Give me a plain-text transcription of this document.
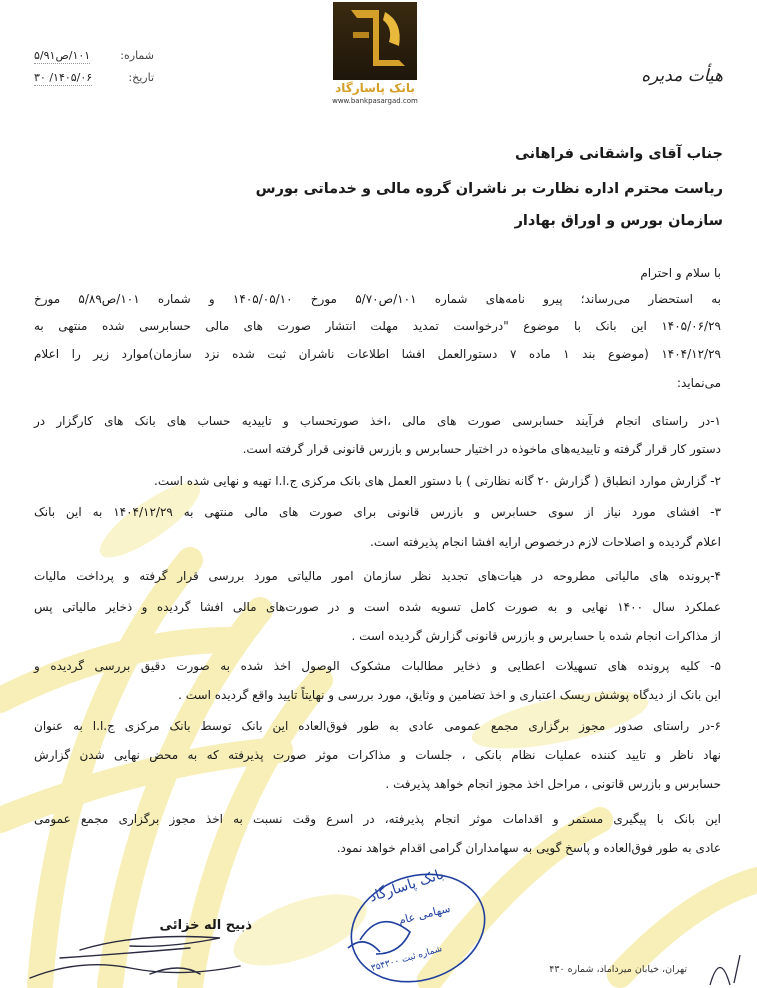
بانک پاسارگاد
www.bankpasargad.com
هیأت مدیره
شماره:
۱۰۱/ص۵/۹۱
تاریخ:
۱۴۰۵/۰۶/ ۳۰
جناب آقای واشقانی فراهانی
ریاست محترم اداره نظارت بر ناشران گروه مالی و خدماتی بورس
سازمان بورس و اوراق بهادار
با سلام و احترام
به استحضار می‌رساند؛ پیرو نامه‌های شماره ۱۰۱/ص۵/۷۰ مورخ ۱۴۰۵/۰۵/۱۰ و شماره ۱۰۱/ص۵/۸۹ مورخ
۱۴۰۵/۰۶/۲۹ این بانک با موضوع "درخواست تمدید مهلت انتشار صورت های مالی حسابرسی شده منتهی به
۱۴۰۴/۱۲/۲۹ (موضوع بند ۱ ماده ۷ دستورالعمل افشا اطلاعات ناشران ثبت شده نزد سازمان)موارد زیر را اعلام
می‌نماید:
۱-در راستای انجام فرآیند حسابرسی صورت های مالی ،اخذ صورتحساب و تاییدیه حساب های بانک های کارگزار در
دستور کار قرار گرفته و تاییدیه‌های ماخوذه در اختیار حسابرس و بازرس قانونی قرار گرفته است.
۲- گزارش موارد انطباق ( گزارش ۲۰ گانه نظارتی ) با دستور العمل های بانک مرکزی ج.ا.ا تهیه و نهایی شده است.
۳- افشای مورد نیاز از سوی حسابرس و بازرس قانونی برای صورت های مالی منتهی به ۱۴۰۴/۱۲/۲۹ به این بانک
اعلام گردیده و اصلاحات لازم درخصوص ارایه افشا انجام پذیرفته است.
۴-پرونده های مالیاتی مطروحه در هیات‌های تجدید نظر سازمان امور مالیاتی مورد بررسی قرار گرفته و پرداخت مالیات
عملکرد سال ۱۴۰۰ نهایی و به صورت کامل تسویه شده است و در صورت‌های مالی افشا گردیده و ذخایر مالیاتی پس
از مذاکرات انجام شده با حسابرس و بازرس قانونی گزارش گردیده است .
۵- کلیه پرونده های تسهیلات اعطایی و ذخایر مطالبات مشکوک الوصول اخذ شده به صورت دقیق بررسی گردیده و
این بانک از دیدگاه پوشش ریسک اعتباری و اخذ تضامین و وثایق، مورد بررسی و نهایتاً تایید واقع گردیده است .
۶-در راستای صدور مجوز برگزاری مجمع عمومی عادی به طور فوق‌العاده این بانک توسط بانک مرکزی ج.ا.ا به عنوان
نهاد ناظر و تایید کننده عملیات نظام بانکی ، جلسات و مذاکرات موثر صورت پذیرفته که به محض نهایی شدن گزارش
حسابرس و بازرس قانونی ، مراحل اخذ مجوز انجام خواهد پذیرفت .
این بانک با پیگیری مستمر و اقدامات موثر انجام پذیرفته، در اسرع وقت نسبت به اخذ مجوز برگزاری مجمع عمومی
عادی به طور فوق‌العاده و پاسخ گویی به سهامداران گرامی اقدام خواهد نمود.
ذبیح اله خزائی
بانک پاسارگاد
سهامی عام
شماره ثبت ۳۵۴۳۰۰
تهران، خیابان میرداماد، شماره ۴۳۰
